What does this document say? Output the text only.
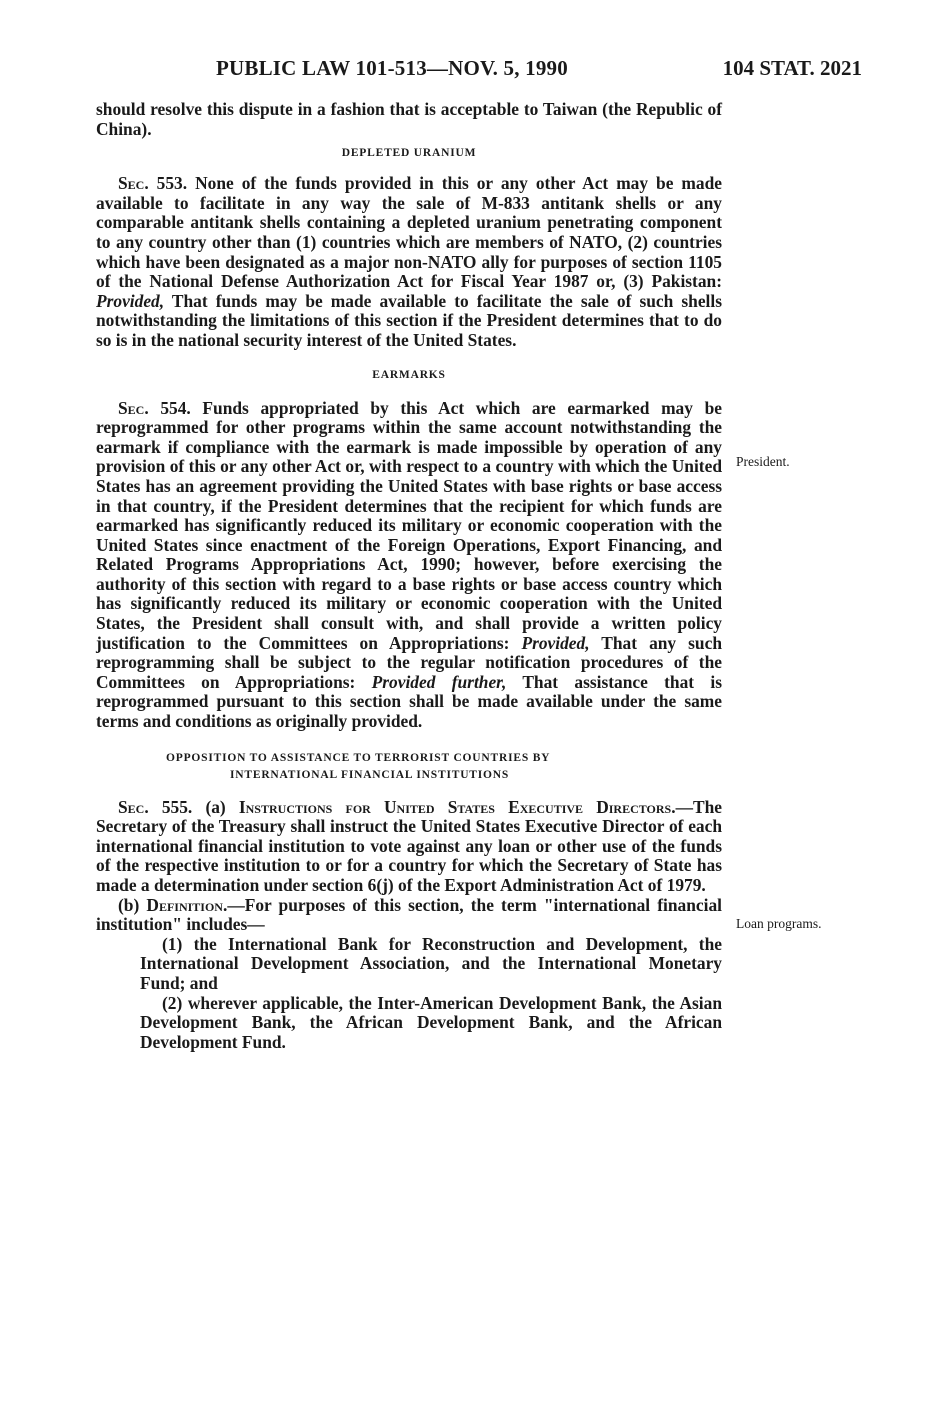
PUBLIC LAW 101-513—NOV. 5, 1990	104 STAT. 2021
President.
Loan programs.

should resolve this dispute in a fashion that is acceptable to Taiwan (the Republic of China).

DEPLETED URANIUM

Sec. 553. None of the funds provided in this or any other Act may be made available to facilitate in any way the sale of M-833 antitank shells or any comparable antitank shells containing a depleted uranium penetrating component to any country other than (1) countries which are members of NATO, (2) countries which have been designated as a major non-NATO ally for purposes of section 1105 of the National Defense Authorization Act for Fiscal Year 1987 or, (3) Pakistan: Provided, That funds may be made available to facilitate the sale of such shells notwithstanding the limitations of this section if the President determines that to do so is in the national security interest of the United States.

EARMARKS

Sec. 554. Funds appropriated by this Act which are earmarked may be reprogrammed for other programs within the same account notwithstanding the earmark if compliance with the earmark is made impossible by operation of any provision of this or any other Act or, with respect to a country with which the United States has an agreement providing the United States with base rights or base access in that country, if the President determines that the recipient for which funds are earmarked has significantly reduced its military or economic cooperation with the United States since enactment of the Foreign Operations, Export Financing, and Related Programs Appropriations Act, 1990; however, before exercising the authority of this section with regard to a base rights or base access country which has significantly reduced its military or economic cooperation with the United States, the President shall consult with, and shall provide a written policy justification to the Committees on Appropriations: Provided, That any such reprogramming shall be subject to the regular notification procedures of the Committees on Appropriations: Provided further, That assistance that is reprogrammed pursuant to this section shall be made available under the same terms and conditions as originally provided.

OPPOSITION TO ASSISTANCE TO TERRORIST COUNTRIES BY
INTERNATIONAL FINANCIAL INSTITUTIONS

Sec. 555. (a) Instructions for United States Executive Directors.—The Secretary of the Treasury shall instruct the United States Executive Director of each international financial institution to vote against any loan or other use of the funds of the respective institution to or for a country for which the Secretary of State has made a determination under section 6(j) of the Export Administration Act of 1979.

(b) Definition.—For purposes of this section, the term "international financial institution" includes—

(1) the International Bank for Reconstruction and Development, the International Development Association, and the International Monetary Fund; and

(2) wherever applicable, the Inter-American Development Bank, the Asian Development Bank, the African Development Bank, and the African Development Fund.
